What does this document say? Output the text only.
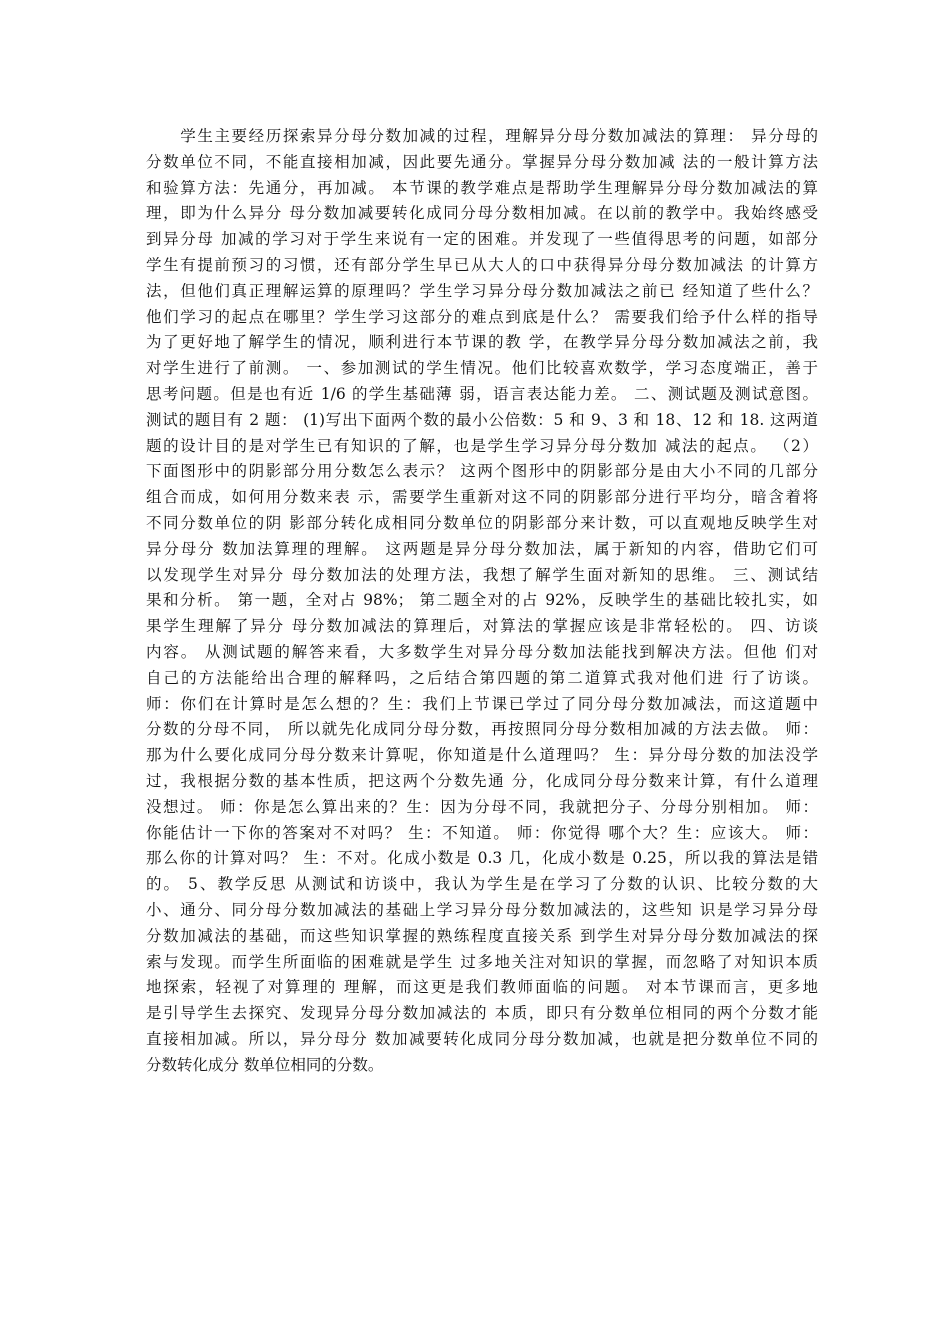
　　学生主要经历探索异分母分数加减的过程，理解异分母分数加减法的算理： 异分母的
分数单位不同，不能直接相加减，因此要先通分。掌握异分母分数加减 法的一般计算方法
和验算方法：先通分，再加减。 本节课的教学难点是帮助学生理解异分母分数加减法的算
理，即为什么异分 母分数加减要转化成同分母分数相加减。在以前的教学中。我始终感受
到异分母 加减的学习对于学生来说有一定的困难。并发现了一些值得思考的问题，如部分
学生有提前预习的习惯，还有部分学生早已从大人的口中获得异分母分数加减法 的计算方
法，但他们真正理解运算的原理吗？学生学习异分母分数加减法之前已 经知道了些什么？
他们学习的起点在哪里？学生学习这部分的难点到底是什么？ 需要我们给予什么样的指导
为了更好地了解学生的情况，顺利进行本节课的教 学，在教学异分母分数加减法之前，我
对学生进行了前测。 一、参加测试的学生情况。他们比较喜欢数学，学习态度端正，善于
思考问题。但是也有近 1/6 的学生基础薄 弱，语言表达能力差。 二、测试题及测试意图。
测试的题目有 2 题： (1)写出下面两个数的最小公倍数：5 和 9、3 和 18、12 和 18. 这两道
题的设计目的是对学生已有知识的了解，也是学生学习异分母分数加 减法的起点。 （2）
下面图形中的阴影部分用分数怎么表示？ 这两个图形中的阴影部分是由大小不同的几部分
组合而成，如何用分数来表 示，需要学生重新对这不同的阴影部分进行平均分，暗含着将
不同分数单位的阴 影部分转化成相同分数单位的阴影部分来计数，可以直观地反映学生对
异分母分 数加法算理的理解。 这两题是异分母分数加法，属于新知的内容，借助它们可
以发现学生对异分 母分数加法的处理方法，我想了解学生面对新知的思维。 三、测试结
果和分析。 第一题，全对占 98%； 第二题全对的占 92%，反映学生的基础比较扎实，如
果学生理解了异分 母分数加减法的算理后，对算法的掌握应该是非常轻松的。 四、访谈
内容。 从测试题的解答来看，大多数学生对异分母分数加法能找到解决方法。但他 们对
自己的方法能给出合理的解释吗，之后结合第四题的第二道算式我对他们进 行了访谈。
师：你们在计算时是怎么想的？生：我们上节课已学过了同分母分数加减法，而这道题中
分数的分母不同， 所以就先化成同分母分数，再按照同分母分数相加减的方法去做。 师：
那为什么要化成同分母分数来计算呢，你知道是什么道理吗？ 生：异分母分数的加法没学
过，我根据分数的基本性质，把这两个分数先通 分，化成同分母分数来计算，有什么道理
没想过。 师：你是怎么算出来的？生：因为分母不同，我就把分子、分母分别相加。 师：
你能估计一下你的答案对不对吗？ 生：不知道。 师：你觉得 哪个大？生：应该大。 师：
那么你的计算对吗？ 生：不对。化成小数是 0.3 几，化成小数是 0.25，所以我的算法是错
的。 5、教学反思 从测试和访谈中，我认为学生是在学习了分数的认识、比较分数的大
小、通分、同分母分数加减法的基础上学习异分母分数加减法的，这些知 识是学习异分母
分数加减法的基础，而这些知识掌握的熟练程度直接关系 到学生对异分母分数加减法的探
索与发现。而学生所面临的困难就是学生 过多地关注对知识的掌握，而忽略了对知识本质
地探索，轻视了对算理的 理解，而这更是我们教师面临的问题。 对本节课而言，更多地
是引导学生去探究、发现异分母分数加减法的 本质，即只有分数单位相同的两个分数才能
直接相加减。所以，异分母分 数加减要转化成同分母分数加减，也就是把分数单位不同的
分数转化成分 数单位相同的分数。
